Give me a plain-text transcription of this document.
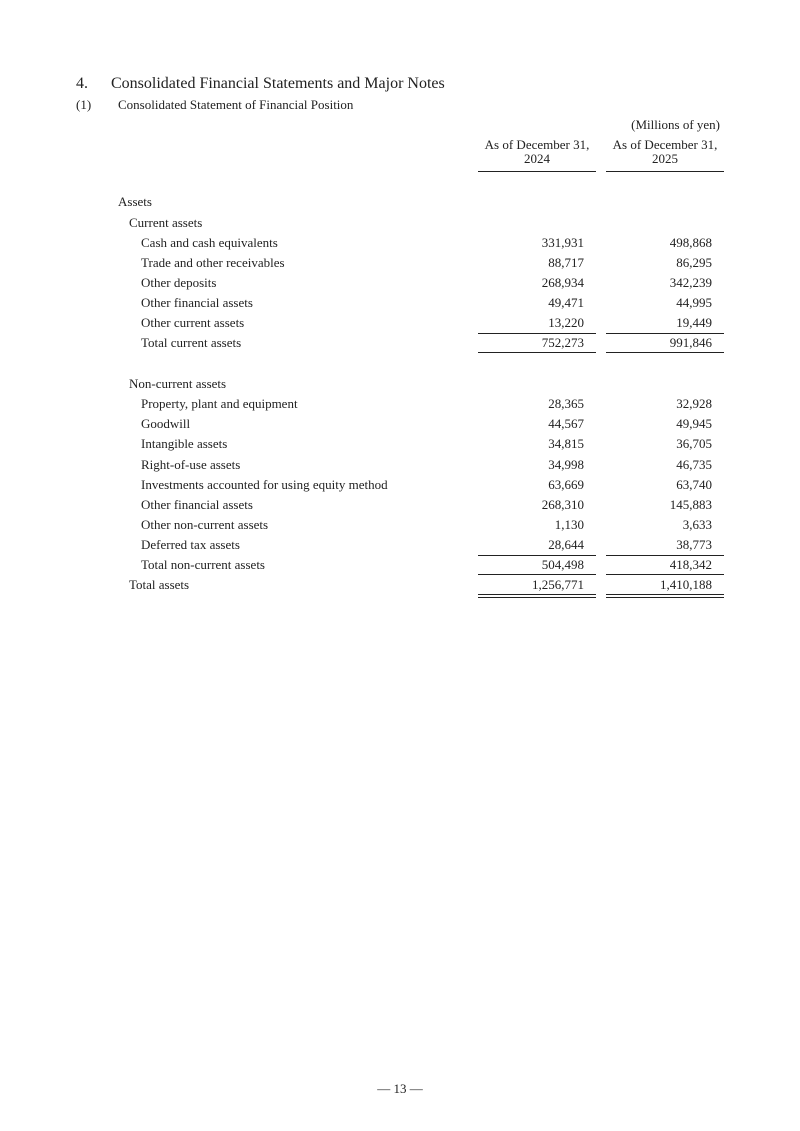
4. Consolidated Financial Statements and Major Notes
(1) Consolidated Statement of Financial Position
(Millions of yen)
As of December 31,
2024
As of December 31,
2025
Assets
Current assets
Cash and cash equivalents	331,931	498,868
Trade and other receivables	88,717	86,295
Other deposits	268,934	342,239
Other financial assets	49,471	44,995
Other current assets	13,220	19,449
Total current assets	752,273	991,846
Non-current assets
Property, plant and equipment	28,365	32,928
Goodwill	44,567	49,945
Intangible assets	34,815	36,705
Right-of-use assets	34,998	46,735
Investments accounted for using equity method	63,669	63,740
Other financial assets	268,310	145,883
Other non-current assets	1,130	3,633
Deferred tax assets	28,644	38,773
Total non-current assets	504,498	418,342
Total assets	1,256,771	1,410,188
— 13 —
